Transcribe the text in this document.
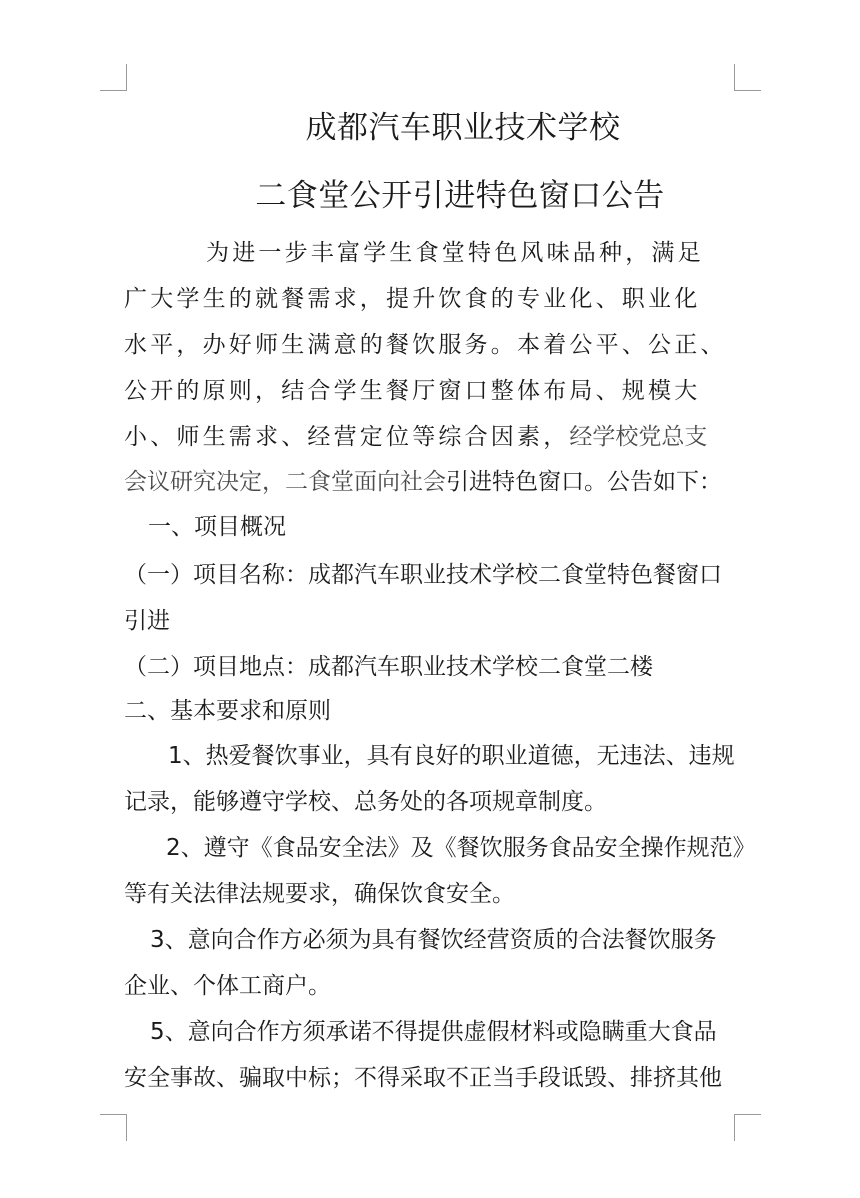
成都汽车职业技术学校
二食堂公开引进特色窗口公告
为进一步丰富学生食堂特色风味品种，满足
广大学生的就餐需求，提升饮食的专业化、职业化
水平，办好师生满意的餐饮服务。本着公平、公正、
公开的原则，结合学生餐厅窗口整体布局、规模大
小、师生需求、经营定位等综合因素，经学校党总支
会议研究决定，二食堂面向社会引进特色窗口。公告如下：
一、项目概况
（一）项目名称：成都汽车职业技术学校二食堂特色餐窗口
引进
（二）项目地点：成都汽车职业技术学校二食堂二楼
二、基本要求和原则
1、热爱餐饮事业，具有良好的职业道德，无违法、违规
记录，能够遵守学校、总务处的各项规章制度。
2、遵守《食品安全法》及《餐饮服务食品安全操作规范》
等有关法律法规要求，确保饮食安全。
3、意向合作方必须为具有餐饮经营资质的合法餐饮服务
企业、个体工商户。
5、意向合作方须承诺不得提供虚假材料或隐瞒重大食品
安全事故、骗取中标；不得采取不正当手段诋毁、排挤其他
